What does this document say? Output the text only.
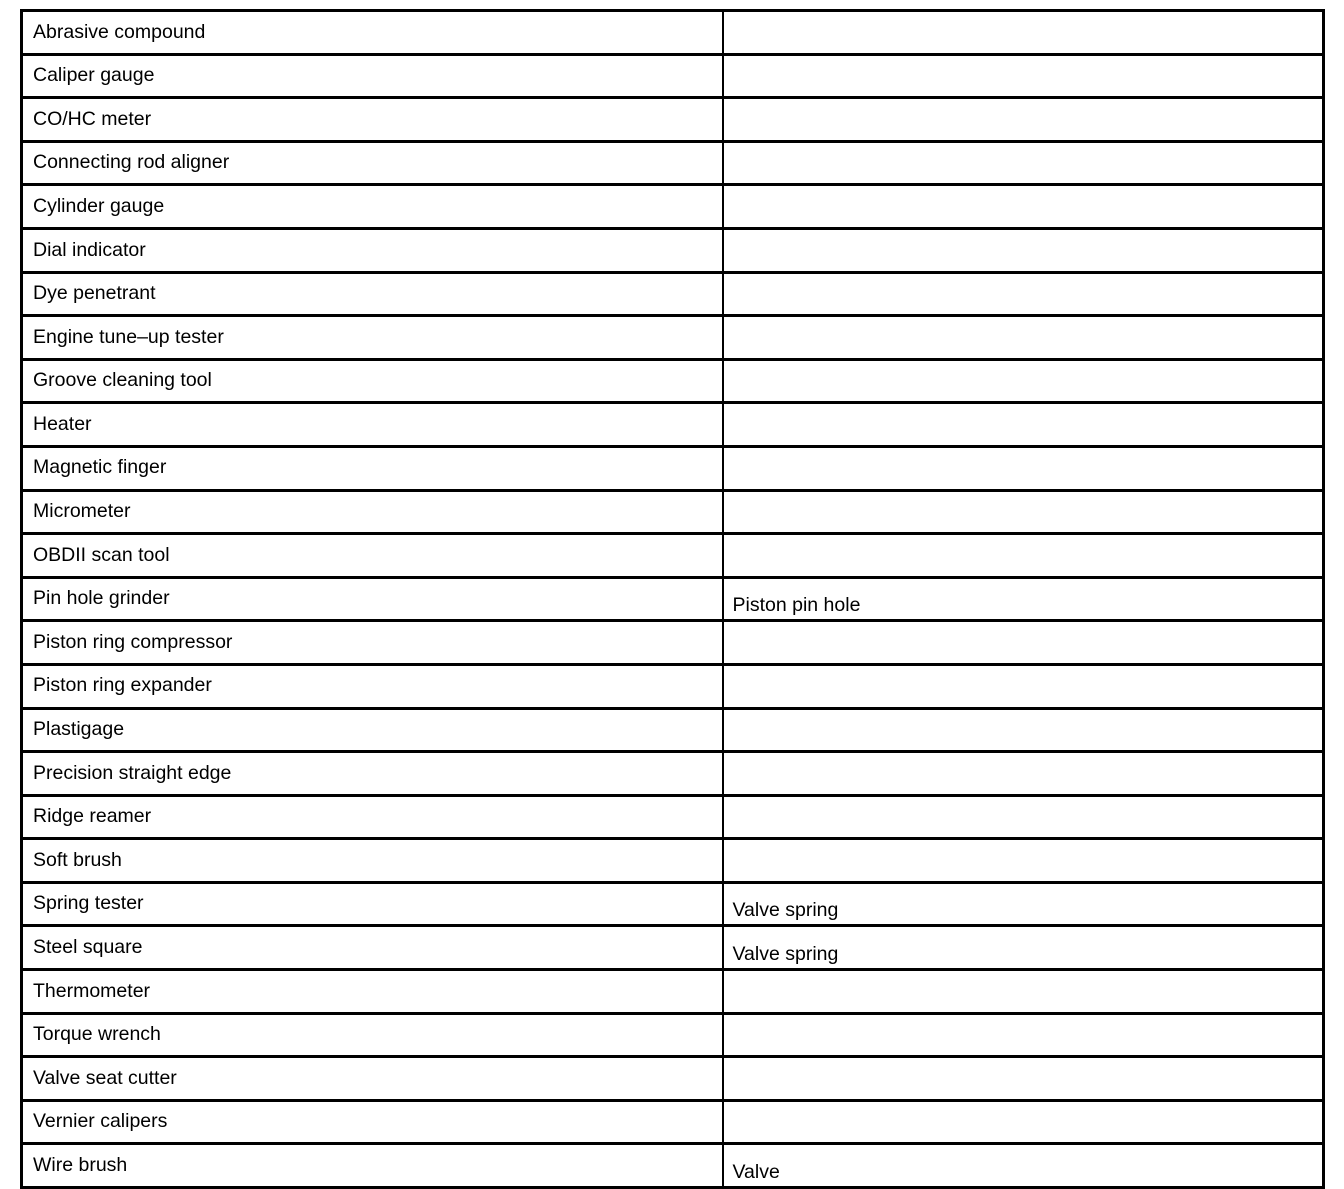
Abrasive compound	
Caliper gauge	
CO/HC meter	
Connecting rod aligner	
Cylinder gauge	
Dial indicator	
Dye penetrant	
Engine tune–up tester	
Groove cleaning tool	
Heater	
Magnetic finger	
Micrometer	
OBDII scan tool	
Pin hole grinder	Piston pin hole
Piston ring compressor	
Piston ring expander	
Plastigage	
Precision straight edge	
Ridge reamer	
Soft brush	
Spring tester	Valve spring
Steel square	Valve spring
Thermometer	
Torque wrench	
Valve seat cutter	
Vernier calipers	
Wire brush	Valve
